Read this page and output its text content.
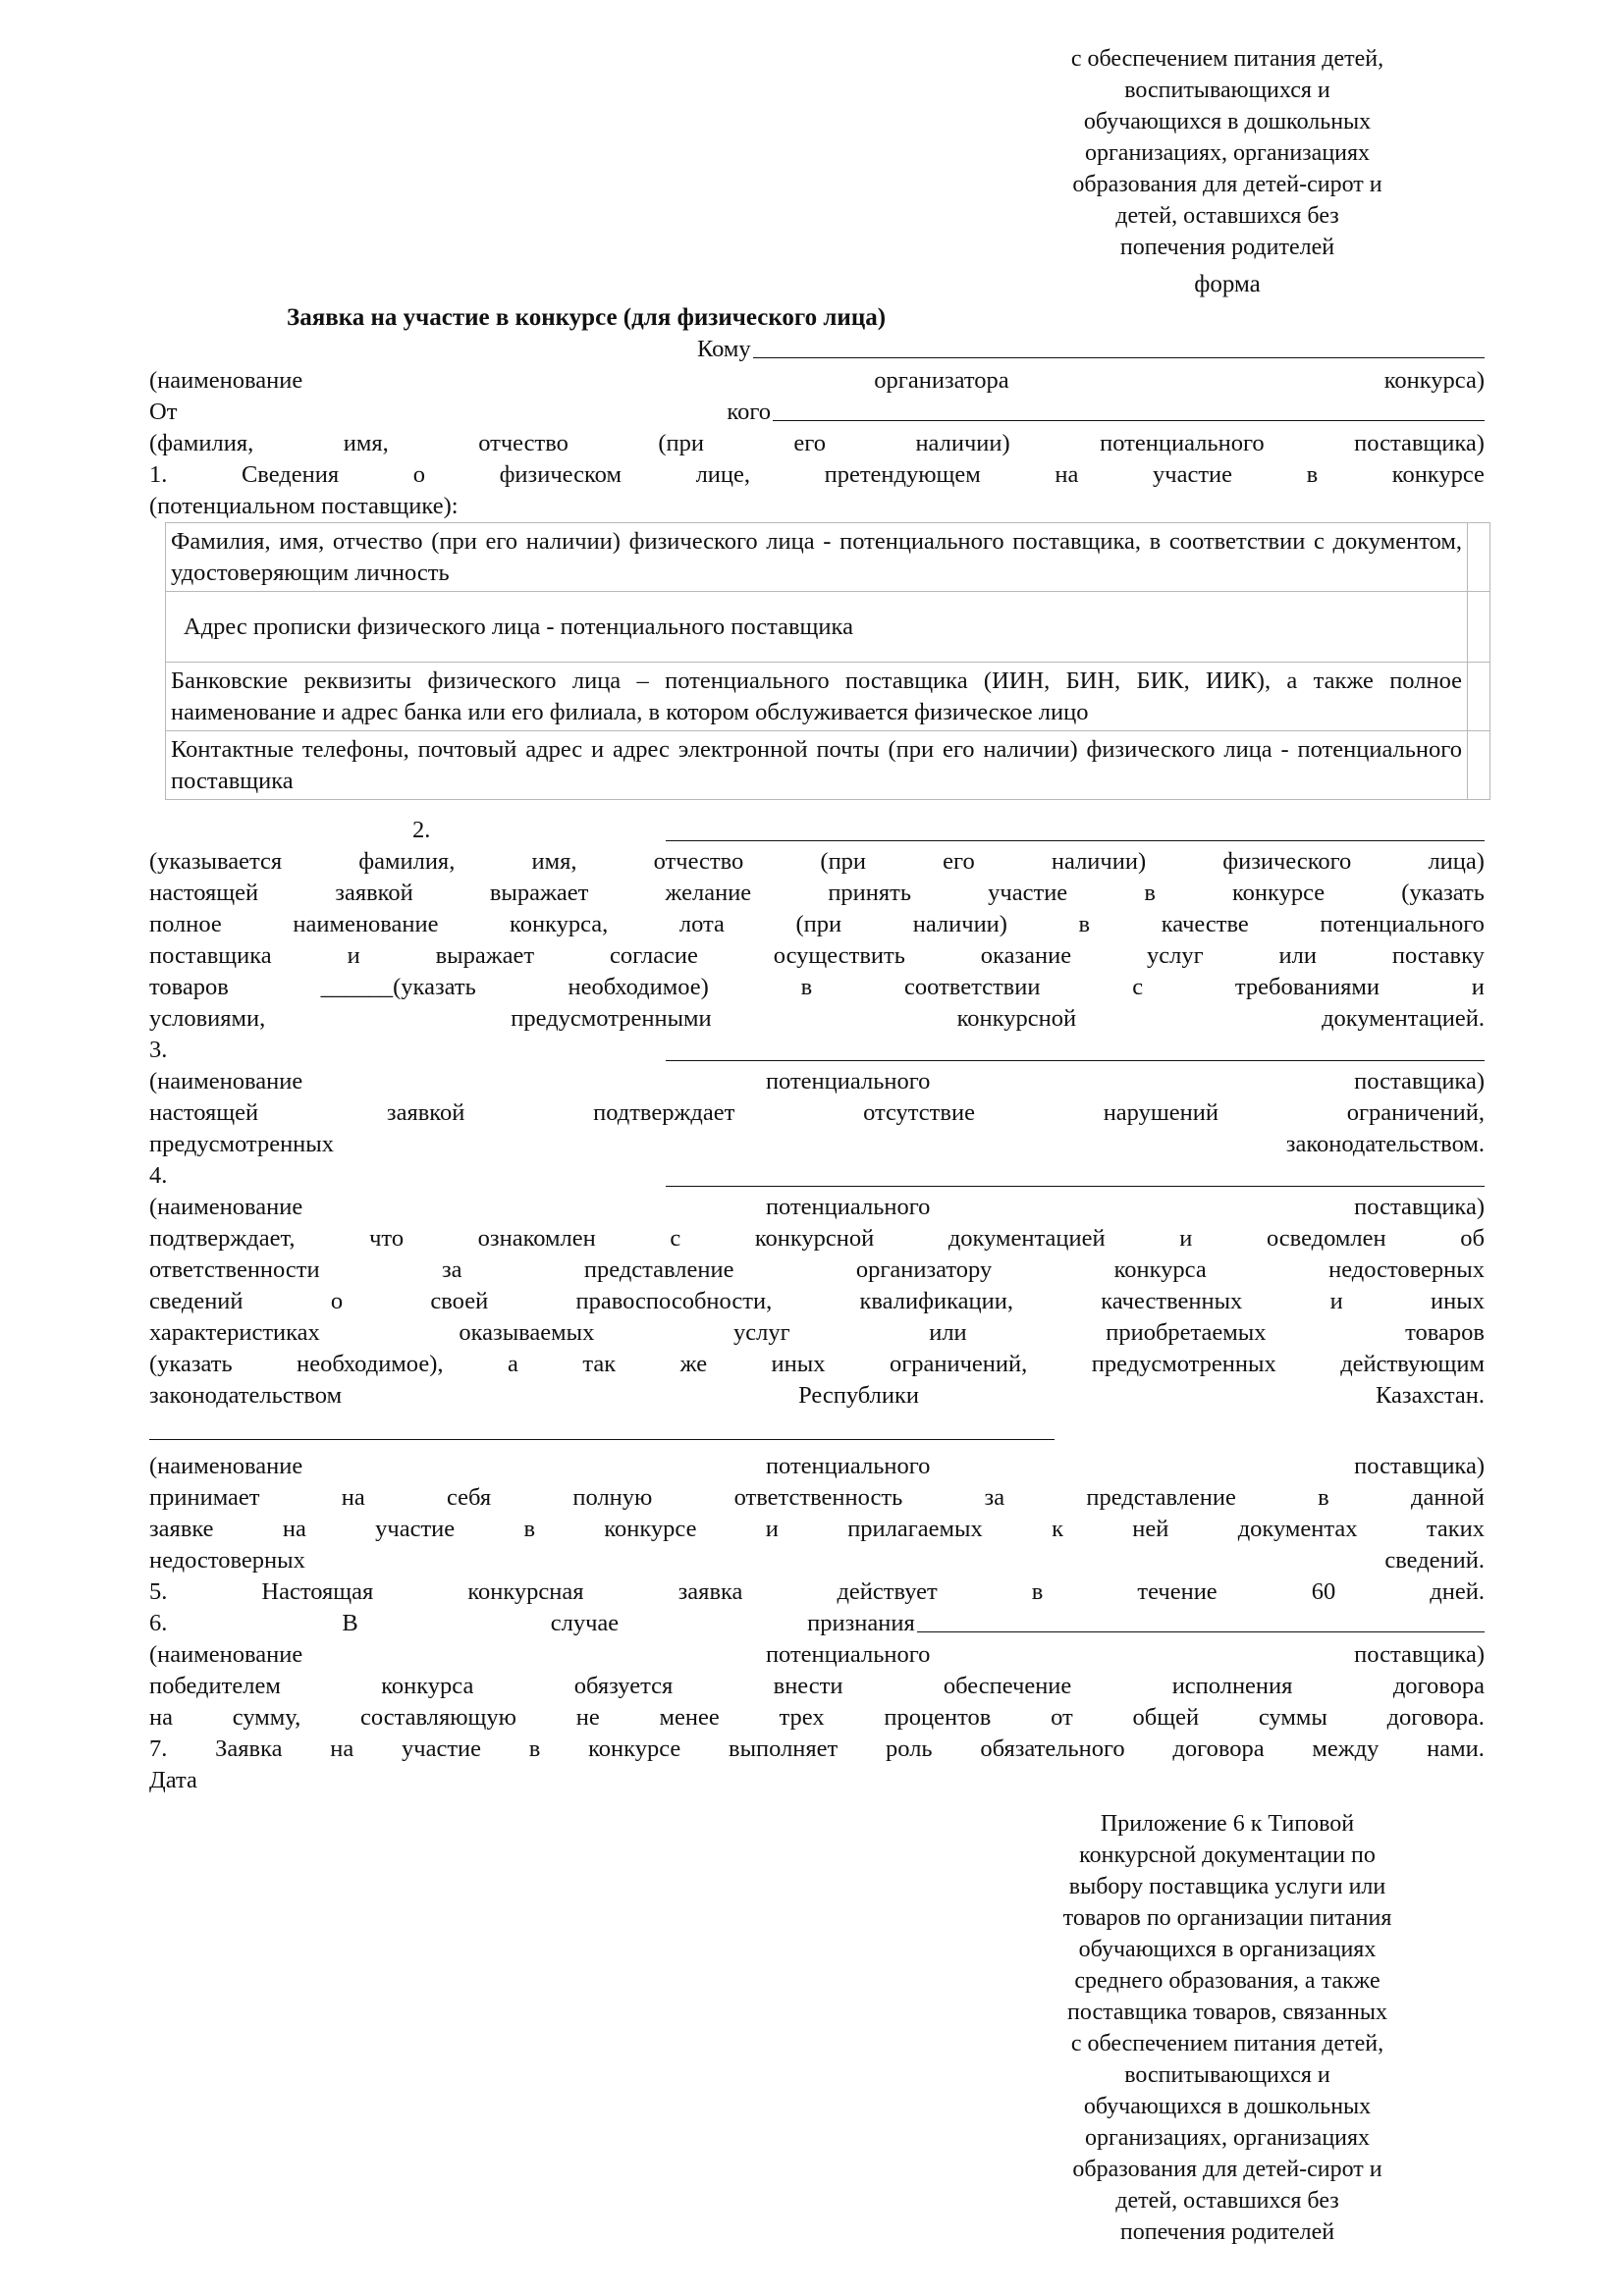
с обеспечением питания детей,
воспитывающихся и
обучающихся в дошкольных
организациях, организациях
образования для детей-сирот и
детей, оставшихся без
попечения родителей
форма
Заявка на участие в конкурсе (для физического лица)
Кому
(наименование	организатора	конкурса)
От	кого
(фамилия,	имя,	отчество	(при	его	наличии)	потенциального	поставщика)
1.	Сведения	о	физическом	лице,	претендующем	на	участие	в	конкурсе
(потенциальном поставщике):
Фамилия, имя, отчество (при его наличии) физического лица - потенциального поставщика, в соответствии с документом, удостоверяющим личность	
Адрес прописки физического лица - потенциального поставщика	
Банковские реквизиты физического лица – потенциального поставщика (ИИН, БИН, БИК, ИИК), а также полное наименование и адрес банка или его филиала, в котором обслуживается физическое лицо	
Контактные телефоны, почтовый адрес и адрес электронной почты (при его наличии) физического лица - потенциального поставщика	
2.
(указывается	фамилия,	имя,	отчество	(при	его	наличии)	физического	лица)
настоящей	заявкой	выражает	желание	принять	участие	в	конкурсе	(указать
полное	наименование	конкурса,	лота	(при	наличии)	в	качестве	потенциального
поставщика	и	выражает	согласие	осуществить	оказание	услуг	или	поставку
товаров	______(указать	необходимое)	в	соответствии	с	требованиями	и
условиями,	предусмотренными	конкурсной	документацией.
3.
(наименование	потенциального	поставщика)
настоящей	заявкой	подтверждает	отсутствие	нарушений	ограничений,
предусмотренных	законодательством.
4.
(наименование	потенциального	поставщика)
подтверждает,	что	ознакомлен	с	конкурсной	документацией	и	осведомлен	об
ответственности	за	представление	организатору	конкурса	недостоверных
сведений	о	своей	правоспособности,	квалификации,	качественных	и	иных
характеристиках	оказываемых	услуг	или	приобретаемых	товаров
(указать	необходимое),	а	так	же	иных	ограничений,	предусмотренных	действующим
законодательством	Республики	Казахстан.
(наименование	потенциального	поставщика)
принимает	на	себя	полную	ответственность	за	представление	в	данной
заявке	на	участие	в	конкурсе	и	прилагаемых	к	ней	документах	таких
недостоверных	сведений.
5.	Настоящая	конкурсная	заявка	действует	в	течение	60	дней.
6.	В	случае	признания
(наименование	потенциального	поставщика)
победителем	конкурса	обязуется	внести	обеспечение	исполнения	договора
на сумму, составляющую не менее трех процентов от общей суммы договора.
7. Заявка на участие в конкурсе выполняет роль обязательного договора между нами.
Дата
Приложение 6 к Типовой
конкурсной документации по
выбору поставщика услуги или
товаров по организации питания
обучающихся в организациях
среднего образования, а также
поставщика товаров, связанных
с обеспечением питания детей,
воспитывающихся и
обучающихся в дошкольных
организациях, организациях
образования для детей-сирот и
детей, оставшихся без
попечения родителей
